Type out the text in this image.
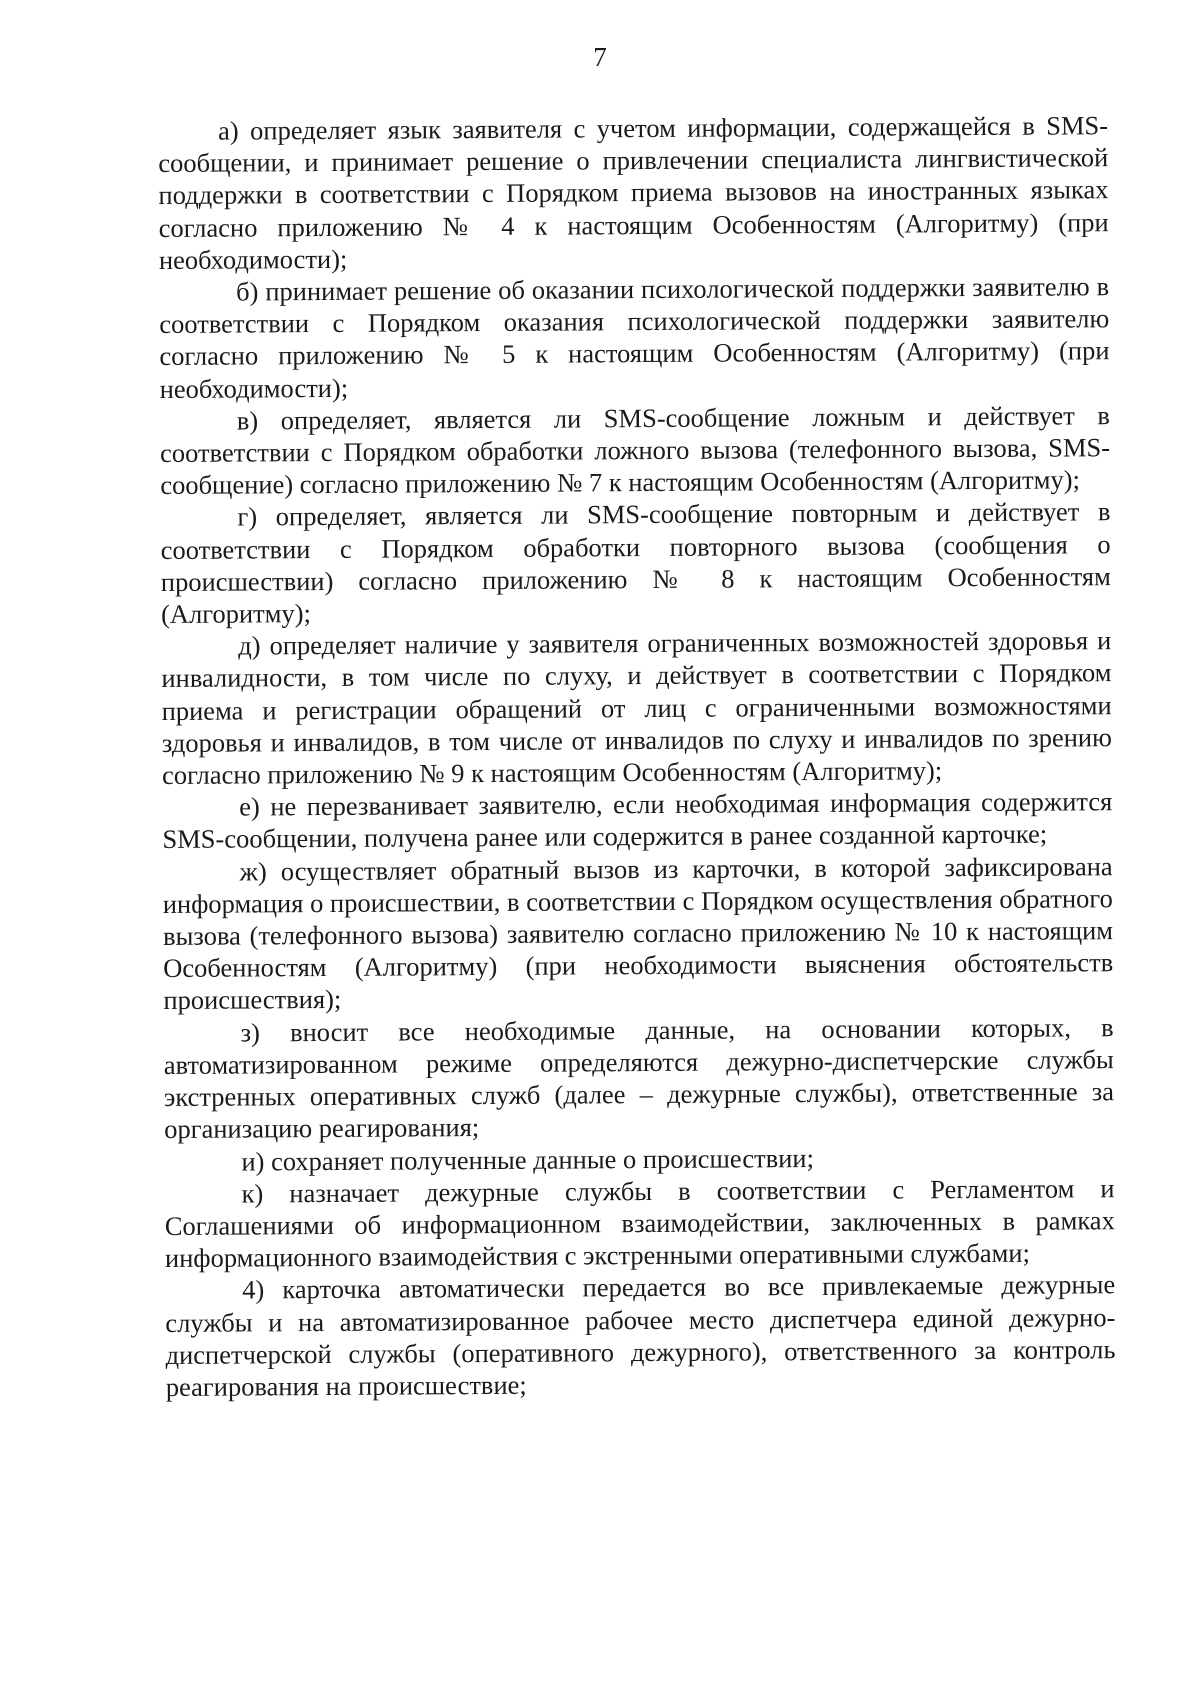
7

а) определяет язык заявителя с учетом информации, содержащейся в SMS-сообщении, и принимает решение о привлечении специалиста лингвистической поддержки в соответствии с Порядком приема вызовов на иностранных языках согласно приложению № 4 к настоящим Особенностям (Алгоритму) (при необходимости);

б) принимает решение об оказании психологической поддержки заявителю в соответствии с Порядком оказания психологической поддержки заявителю согласно приложению № 5 к настоящим Особенностям (Алгоритму) (при необходимости);

в) определяет, является ли SMS-сообщение ложным и действует в соответствии с Порядком обработки ложного вызова (телефонного вызова, SMS-сообщение) согласно приложению № 7 к настоящим Особенностям (Алгоритму);

г) определяет, является ли SMS-сообщение повторным и действует в соответствии с Порядком обработки повторного вызова (сообщения о происшествии) согласно приложению № 8 к настоящим Особенностям (Алгоритму);

д) определяет наличие у заявителя ограниченных возможностей здоровья и инвалидности, в том числе по слуху, и действует в соответствии с Порядком приема и регистрации обращений от лиц с ограниченными возможностями здоровья и инвалидов, в том числе от инвалидов по слуху и инвалидов по зрению согласно приложению № 9 к настоящим Особенностям (Алгоритму);

е) не перезванивает заявителю, если необходимая информация содержится SMS-сообщении, получена ранее или содержится в ранее созданной карточке;

ж) осуществляет обратный вызов из карточки, в которой зафиксирована информация о происшествии, в соответствии с Порядком осуществления обратного вызова (телефонного вызова) заявителю согласно приложению № 10 к настоящим Особенностям (Алгоритму) (при необходимости выяснения обстоятельств происшествия);

з) вносит все необходимые данные, на основании которых, в автоматизированном режиме определяются дежурно-диспетчерские службы экстренных оперативных служб (далее – дежурные службы), ответственные за организацию реагирования;

и) сохраняет полученные данные о происшествии;

к) назначает дежурные службы в соответствии с Регламентом и Соглашениями об информационном взаимодействии, заключенных в рамках информационного взаимодействия с экстренными оперативными службами;

4) карточка автоматически передается во все привлекаемые дежурные службы и на автоматизированное рабочее место диспетчера единой дежурно-диспетчерской службы (оперативного дежурного), ответственного за контроль реагирования на происшествие;
